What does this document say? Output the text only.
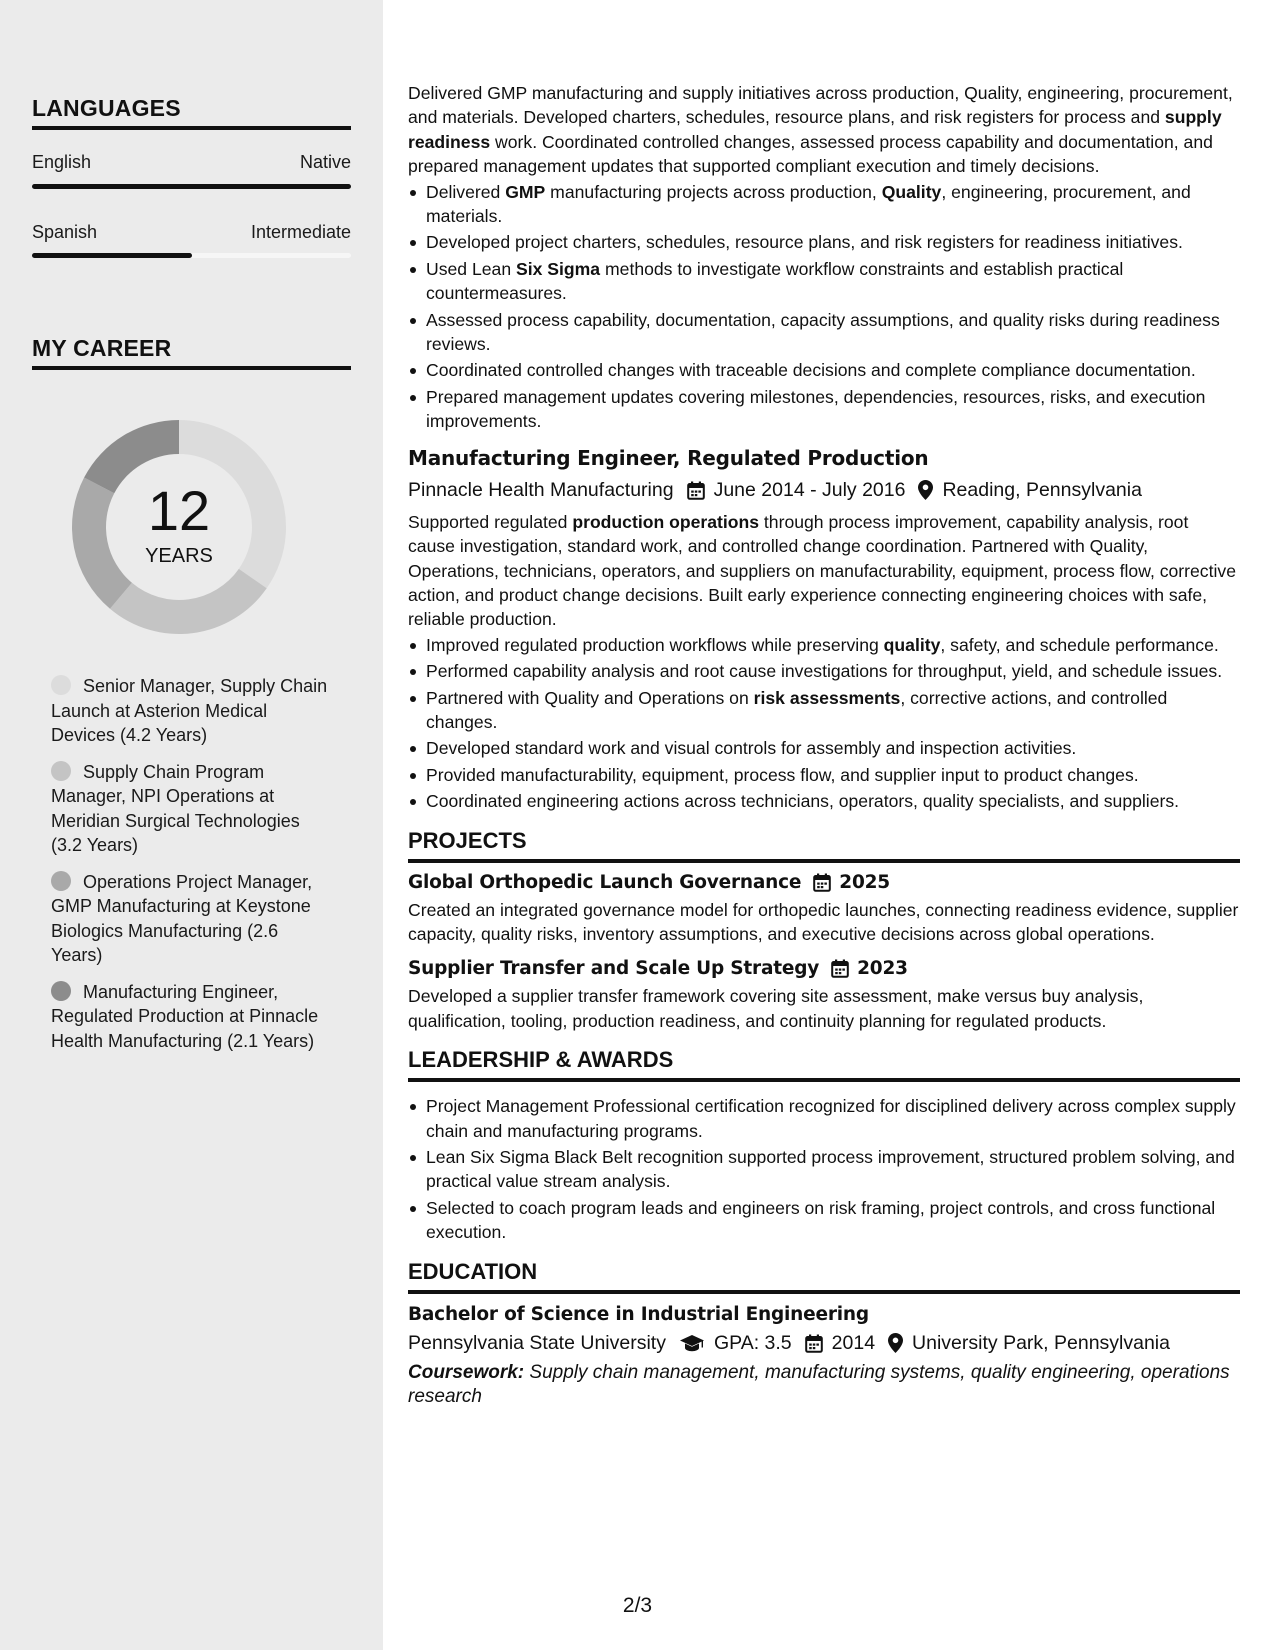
LANGUAGES
English	Native
Spanish	Intermediate
MY CAREER
12
YEARS
Senior Manager, Supply Chain Launch at Asterion Medical Devices (4.2 Years)
Supply Chain Program Manager, NPI Operations at Meridian Surgical Technologies (3.2 Years)
Operations Project Manager, GMP Manufacturing at Keystone Biologics Manufacturing (2.6 Years)
Manufacturing Engineer, Regulated Production at Pinnacle Health Manufacturing (2.1 Years)

Delivered GMP manufacturing and supply initiatives across production, Quality, engineering, procurement, and materials. Developed charters, schedules, resource plans, and risk registers for process and supply readiness work. Coordinated controlled changes, assessed process capability and documentation, and prepared management updates that supported compliant execution and timely decisions.

Delivered GMP manufacturing projects across production, Quality, engineering, procurement, and materials.
Developed project charters, schedules, resource plans, and risk registers for readiness initiatives.
Used Lean Six Sigma methods to investigate workflow constraints and establish practical countermeasures.
Assessed process capability, documentation, capacity assumptions, and quality risks during readiness reviews.
Coordinated controlled changes with traceable decisions and complete compliance documentation.
Prepared management updates covering milestones, dependencies, resources, risks, and execution improvements.
Manufacturing Engineer, Regulated Production
Pinnacle Health Manufacturing June 2014 - July 2016 Reading, Pennsylvania

Supported regulated production operations through process improvement, capability analysis, root cause investigation, standard work, and controlled change coordination. Partnered with Quality, Operations, technicians, operators, and suppliers on manufacturability, equipment, process flow, corrective action, and product change decisions. Built early experience connecting engineering choices with safe, reliable production.

Improved regulated production workflows while preserving quality, safety, and schedule performance.
Performed capability analysis and root cause investigations for throughput, yield, and schedule issues.
Partnered with Quality and Operations on risk assessments, corrective actions, and controlled changes.
Developed standard work and visual controls for assembly and inspection activities.
Provided manufacturability, equipment, process flow, and supplier input to product changes.
Coordinated engineering actions across technicians, operators, quality specialists, and suppliers.
PROJECTS
Global Orthopedic Launch Governance 2025

Created an integrated governance model for orthopedic launches, connecting readiness evidence, supplier capacity, quality risks, inventory assumptions, and executive decisions across global operations.

Supplier Transfer and Scale Up Strategy 2023

Developed a supplier transfer framework covering site assessment, make versus buy analysis, qualification, tooling, production readiness, and continuity planning for regulated products.

LEADERSHIP & AWARDS
Project Management Professional certification recognized for disciplined delivery across complex supply chain and manufacturing programs.
Lean Six Sigma Black Belt recognition supported process improvement, structured problem solving, and practical value stream analysis.
Selected to coach program leads and engineers on risk framing, project controls, and cross functional execution.
EDUCATION
Bachelor of Science in Industrial Engineering
Pennsylvania State University GPA: 3.5 2014 University Park, Pennsylvania

Coursework: Supply chain management, manufacturing systems, quality engineering, operations research

2/3
